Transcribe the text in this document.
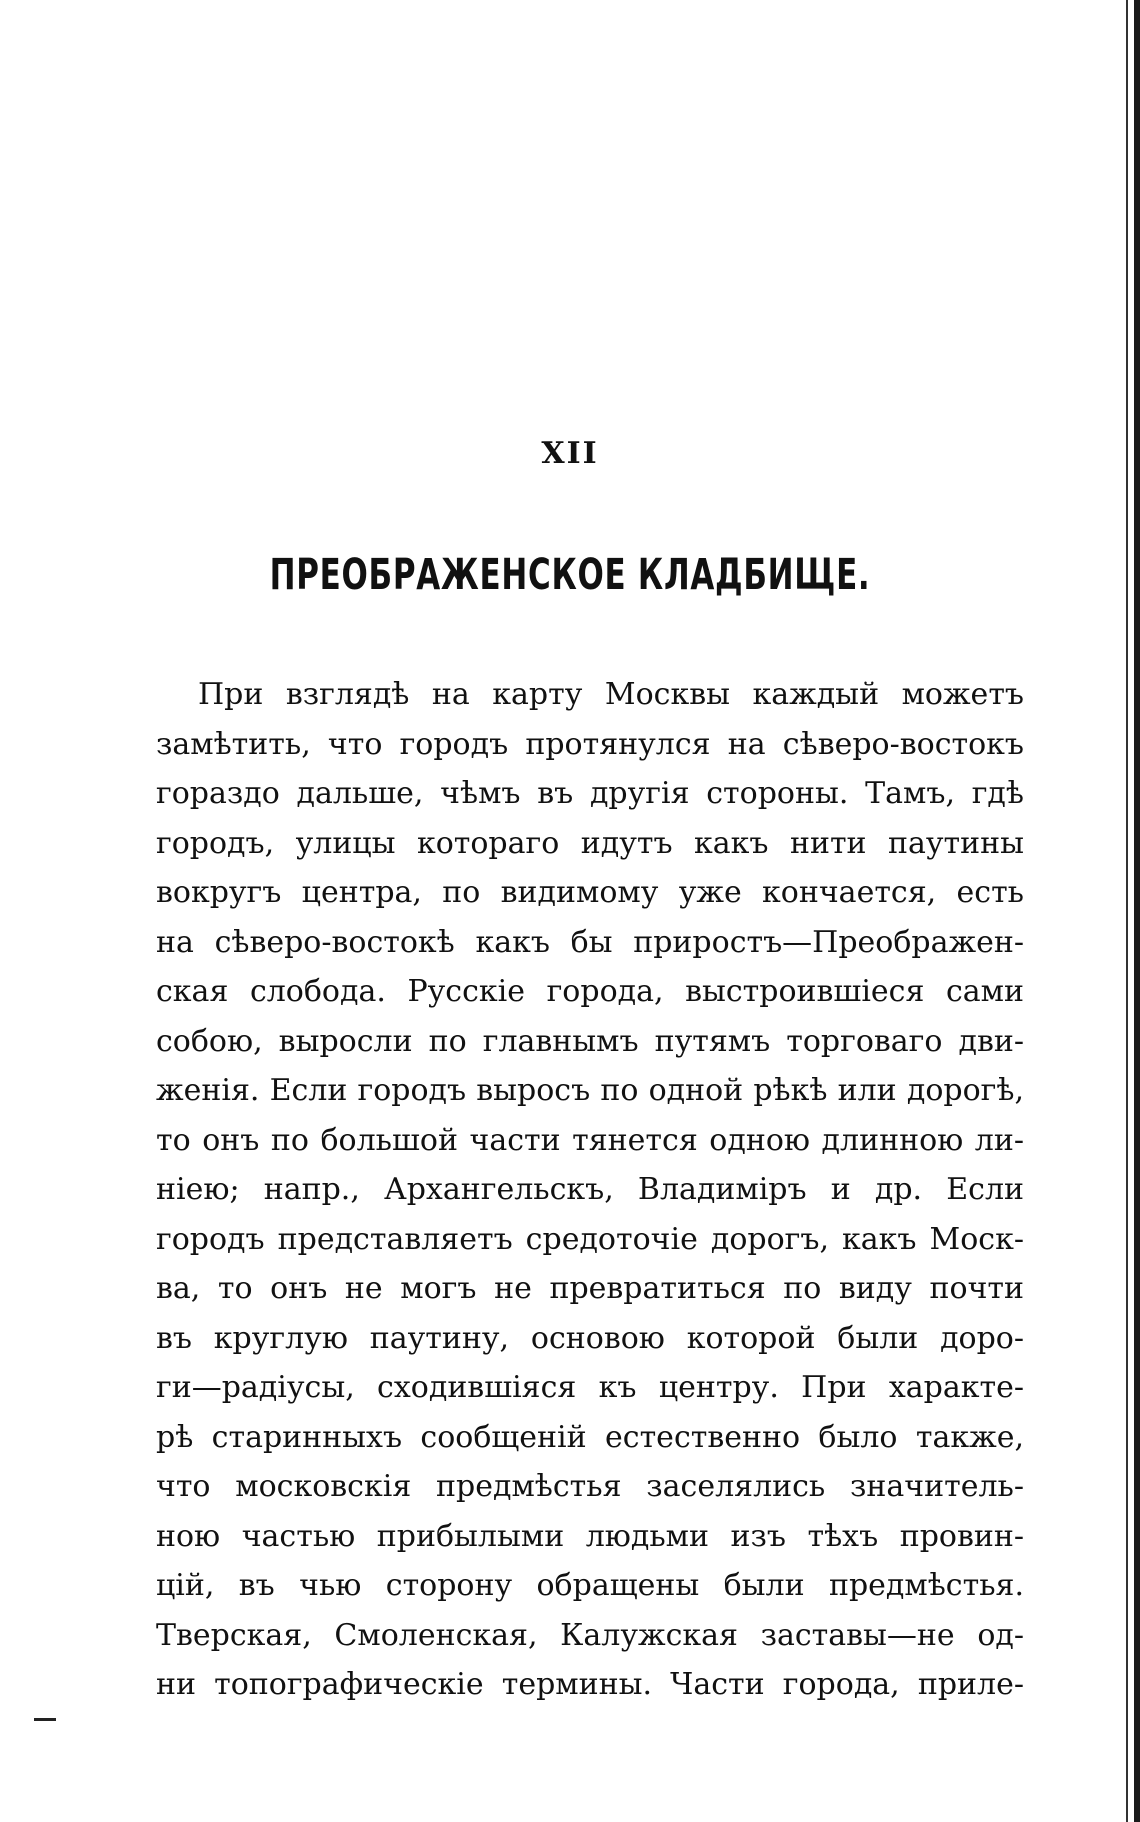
XII
ПРЕОБРАЖЕНСКОЕ КЛАДБИЩЕ.
При взглядѣ на карту Москвы каждый можетъ
замѣтить, что городъ протянулся на сѣверо-востокъ
гораздо дальше, чѣмъ въ другія стороны. Тамъ, гдѣ
городъ, улицы котораго идутъ какъ нити паутины
вокругъ центра, по видимому уже кончается, есть
на сѣверо-востокѣ какъ бы приростъ—Преображен-
ская слобода. Русскіе города, выстроившіеся сами
собою, выросли по главнымъ путямъ торговаго дви-
женія. Если городъ выросъ по одной рѣкѣ или дорогѣ,
то онъ по большой части тянется одною длинною ли-
ніею; напр., Архангельскъ, Владиміръ и др. Если
городъ представляетъ средоточіе дорогъ, какъ Моск-
ва, то онъ не могъ не превратиться по виду почти
въ круглую паутину, основою которой были доро-
ги—радіусы, сходившіяся къ центру. При характе-
рѣ старинныхъ сообщеній естественно было также,
что московскія предмѣстья заселялись значитель-
ною частью прибылыми людьми изъ тѣхъ провин-
цій, въ чью сторону обращены были предмѣстья.
Тверская, Смоленская, Калужская заставы—не од-
ни топографическіе термины. Части города, приле-
